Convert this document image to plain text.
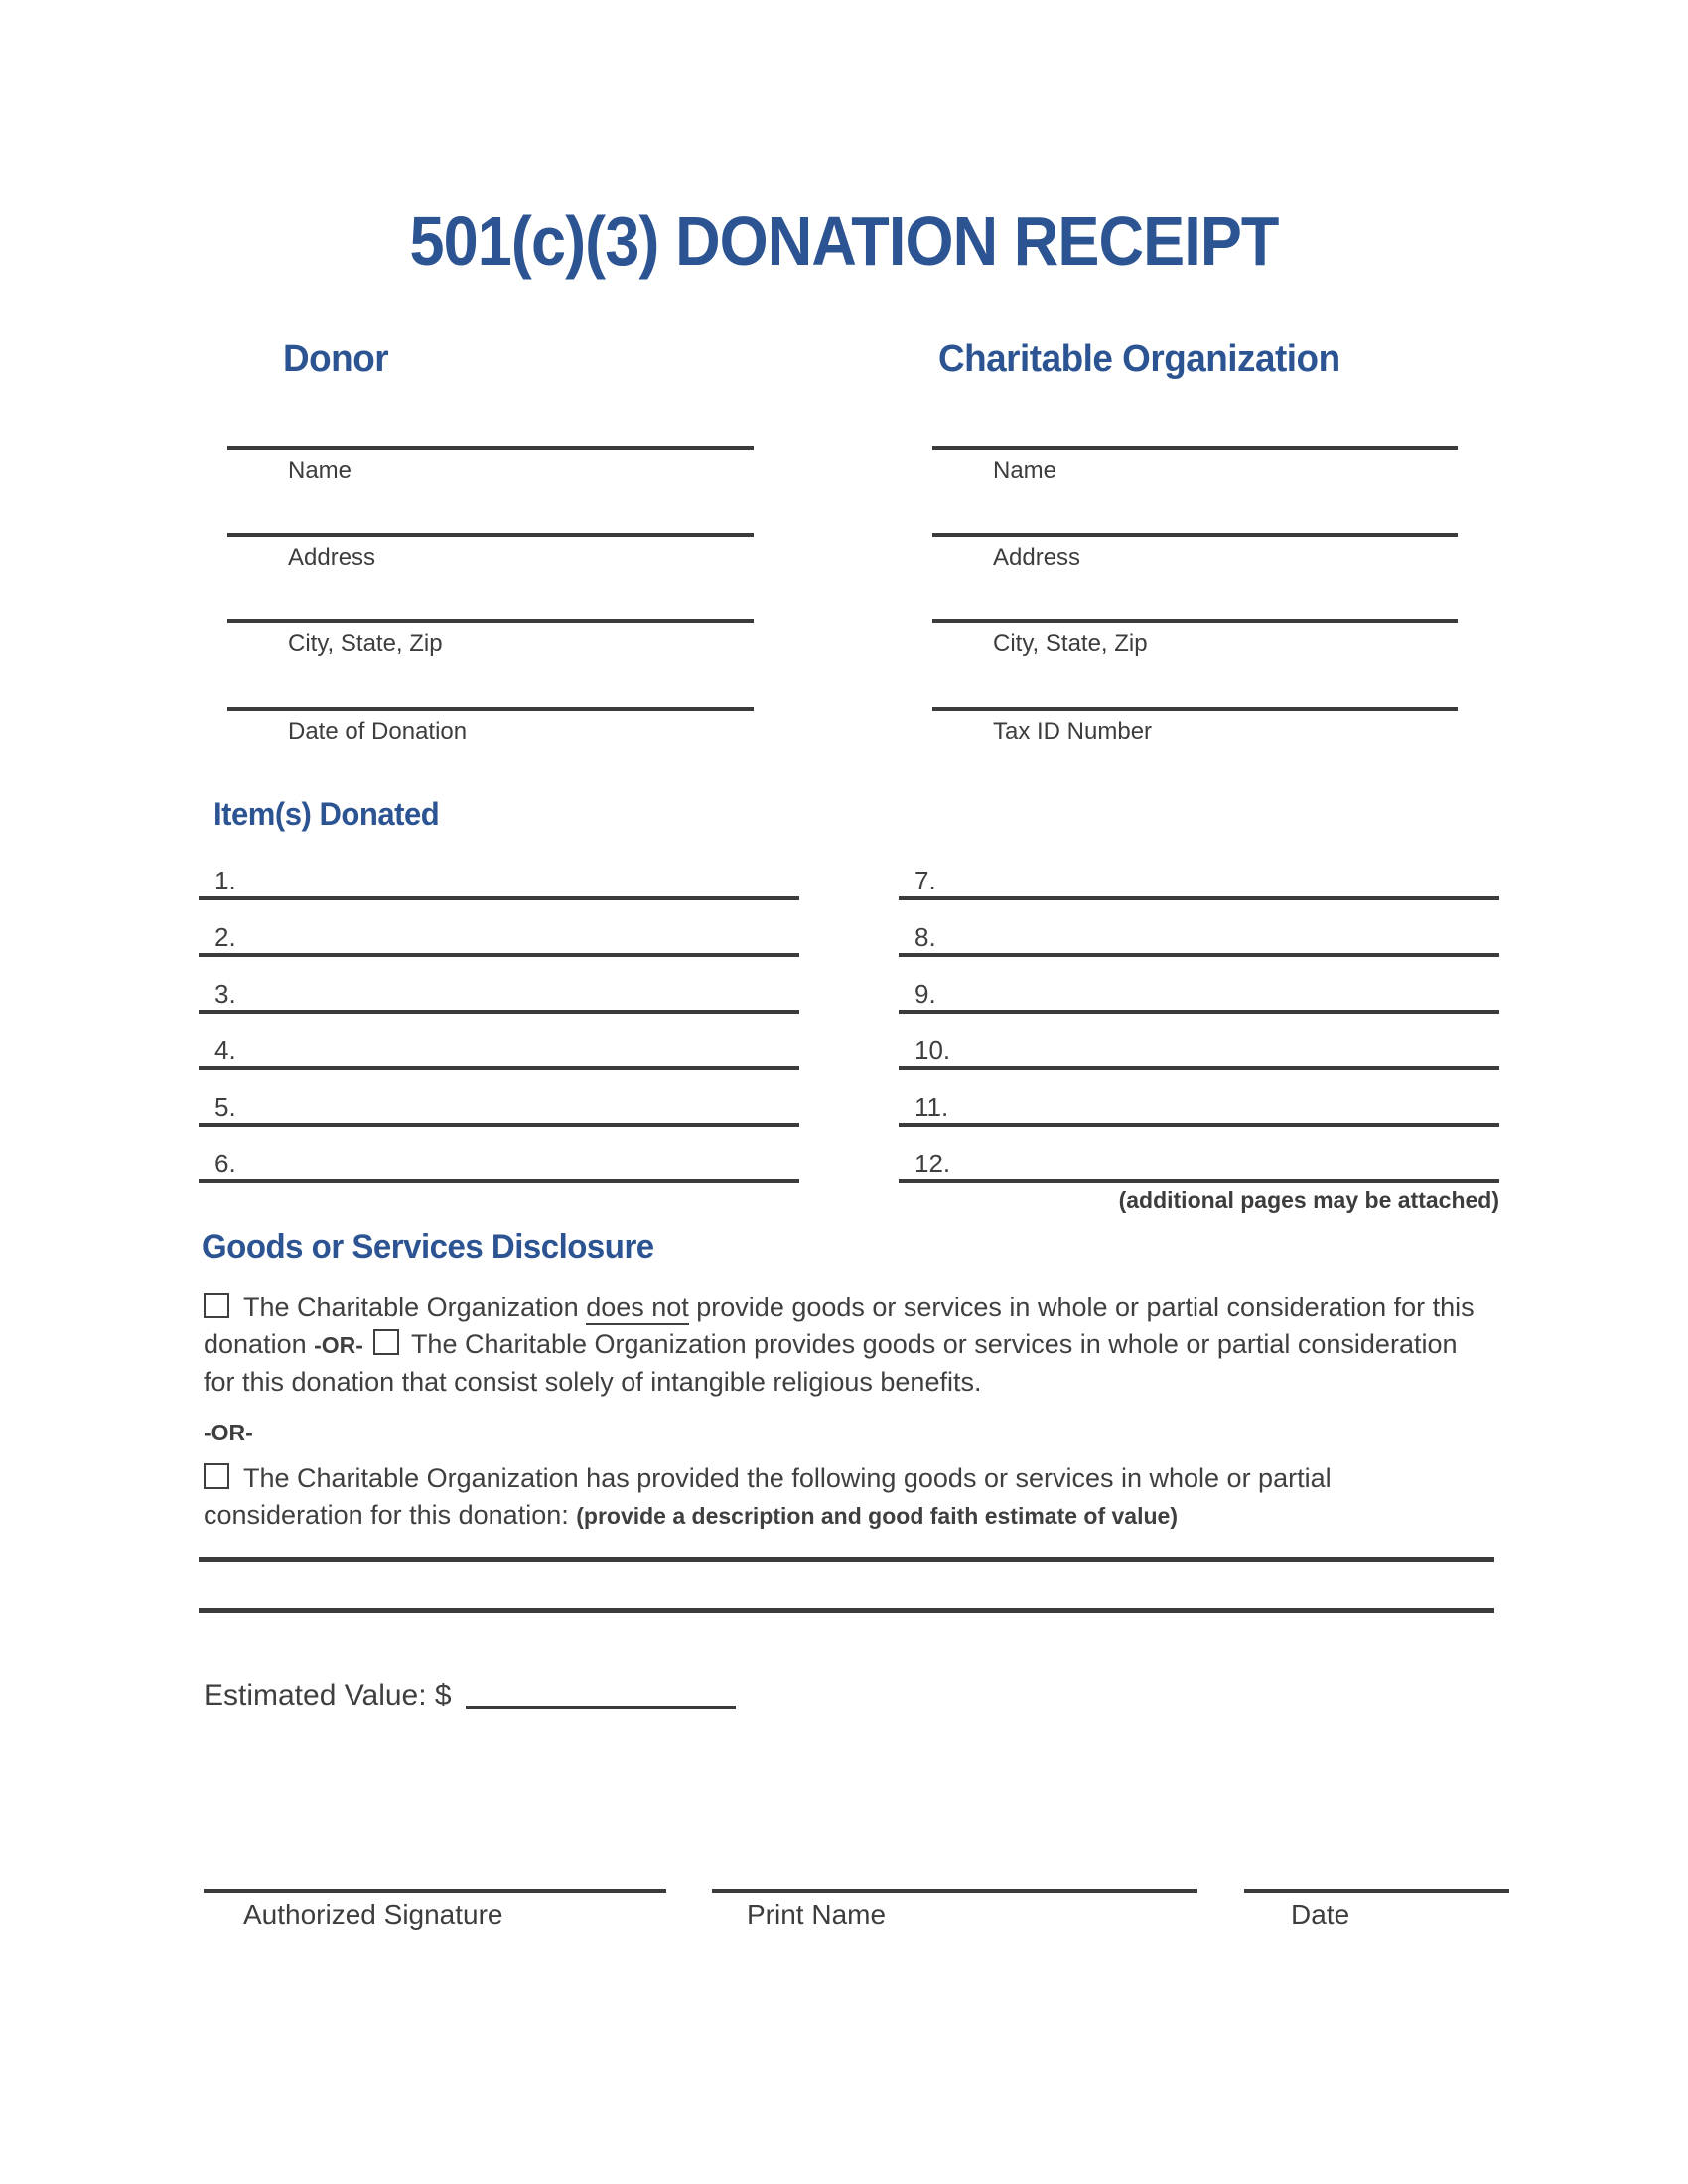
501(c)(3) DONATION RECEIPT
Donor	Charitable Organization
Name
Address
City, State, Zip
Date of Donation
Name
Address
City, State, Zip
Tax ID Number
Item(s) Donated
1.
2.
3.
4.
5.
6.
7.
8.
9.
10.
11.
12.
(additional pages may be attached)
Goods or Services Disclosure

The Charitable Organization does not provide goods or services in whole or partial consideration for this donation -OR- The Charitable Organization provides goods or services in whole or partial consideration for this donation that consist solely of intangible religious benefits.

-OR-

The Charitable Organization has provided the following goods or services in whole or partial consideration for this donation: (provide a description and good faith estimate of value)

Estimated Value: $
Authorized Signature	Print Name	Date
